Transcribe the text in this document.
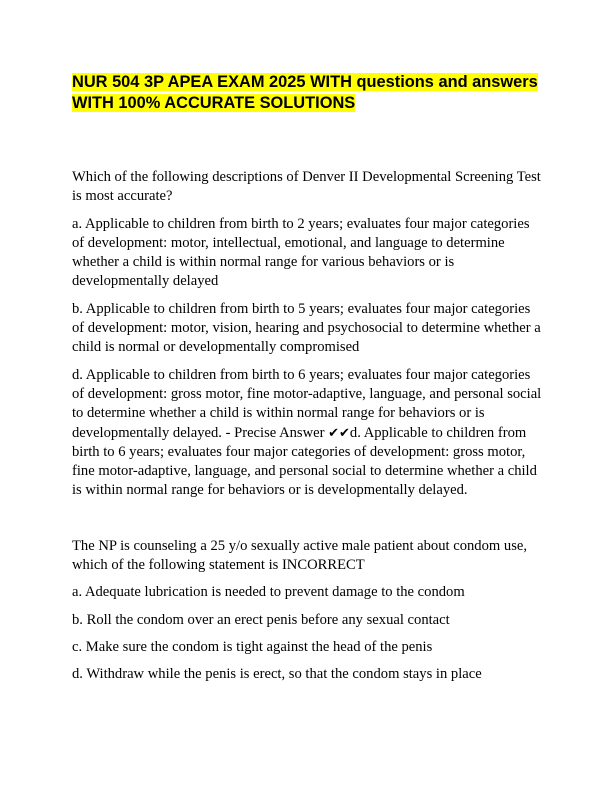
NUR 504 3P APEA EXAM 2025 WITH questions and answers WITH 100% ACCURATE SOLUTIONS

Which of the following descriptions of Denver II Developmental Screening Test is most accurate?

a. Applicable to children from birth to 2 years; evaluates four major categories of development: motor, intellectual, emotional, and language to determine whether a child is within normal range for various behaviors or is developmentally delayed

b. Applicable to children from birth to 5 years; evaluates four major categories of development: motor, vision, hearing and psychosocial to determine whether a child is normal or developmentally compromised

d. Applicable to children from birth to 6 years; evaluates four major categories of development: gross motor, fine motor-adaptive, language, and personal social to determine whether a child is within normal range for behaviors or is developmentally delayed. - Precise Answer ✔✔d. Applicable to children from birth to 6 years; evaluates four major categories of development: gross motor, fine motor-adaptive, language, and personal social to determine whether a child is within normal range for behaviors or is developmentally delayed.

The NP is counseling a 25 y/o sexually active male patient about condom use, which of the following statement is INCORRECT

a. Adequate lubrication is needed to prevent damage to the condom

b. Roll the condom over an erect penis before any sexual contact

c. Make sure the condom is tight against the head of the penis

d. Withdraw while the penis is erect, so that the condom stays in place
